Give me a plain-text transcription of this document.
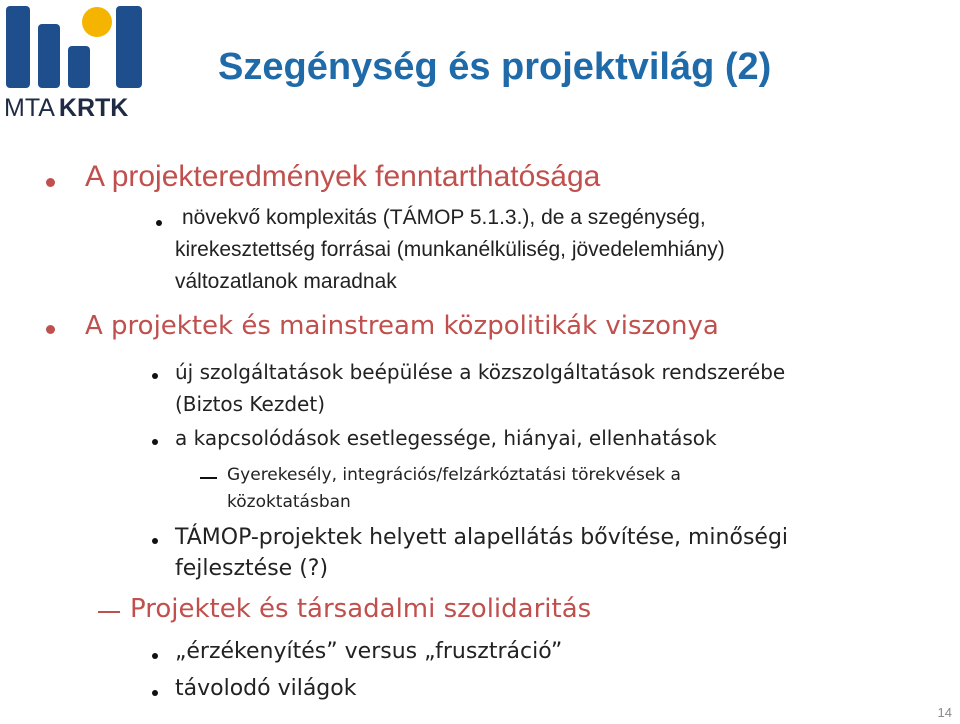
MTA KRTK
Szegénység és projektvilág (2)
A projekteredmények fenntarthatósága
növekvő komplexitás (TÁMOP 5.1.3.), de a szegénység,
kirekesztettség forrásai (munkanélküliség, jövedelemhiány)
változatlanok maradnak
A projektek és mainstream közpolitikák viszonya
új szolgáltatások beépülése a közszolgáltatások rendszerébe
(Biztos Kezdet)
a kapcsolódások esetlegessége, hiányai, ellenhatások
Gyerekesély, integrációs/felzárkóztatási törekvések a
közoktatásban
TÁMOP-projektek helyett alapellátás bővítése, minőségi
fejlesztése (?)
Projektek és társadalmi szolidaritás
„érzékenyítés” versus „frusztráció”
távolodó világok
14
